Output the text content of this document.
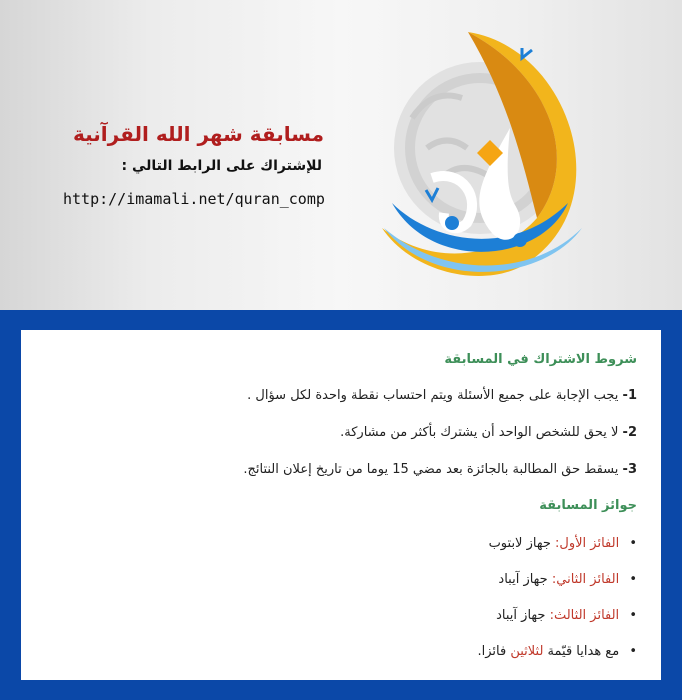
مسابقة شهر الله القرآنية
للإشتراك على الرابط التالي :
http://imamali.net/quran_comp
شروط الاشتراك في المسابقة
1- يجب الإجابة على جميع الأسئلة ويتم احتساب نقطة واحدة لكل سؤال .
2- لا يحق للشخص الواحد أن يشترك بأكثر من مشاركة.
3- يسقط حق المطالبة بالجائزة بعد مضي 15 يوما من تاريخ إعلان النتائج.
جوائز المسابقة
• الفائز الأول: جهاز لابتوب
• الفائز الثاني: جهاز آيباد
• الفائز الثالث: جهاز آيباد
• مع هدايا قيّمة لثلاثين فائزا.
